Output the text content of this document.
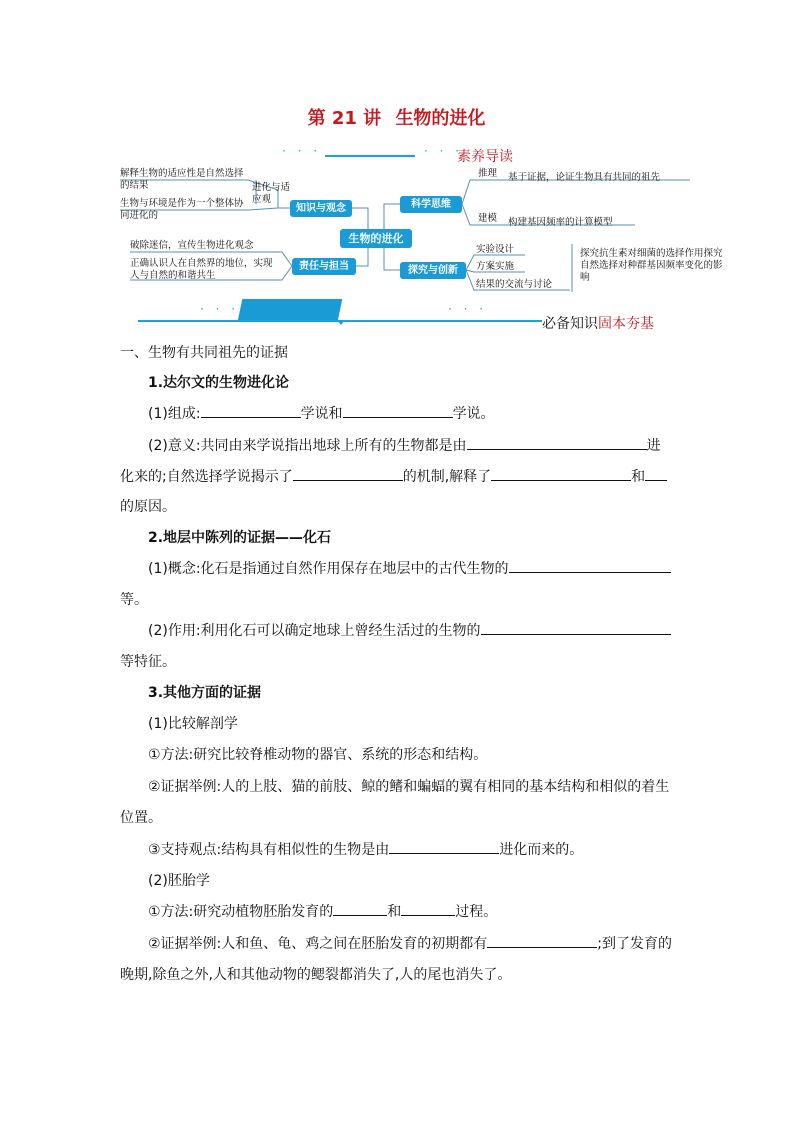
第 21 讲 生物的进化
· · ·	· · ·
素养导读
生物的进化
知识与观念	科学思维
责任与担当	探究与创新
解释生物的适应性是自然选择的结果
生物与环境是作为一个整体协同进化的
进化与适应观
推理 基于证据，论证生物具有共同的祖先
建模 构建基因频率的计算模型
破除迷信，宣传生物进化观念
正确认识人在自然界的地位，实现人与自然的和谐共生
实验设计
方案实施
结果的交流与讨论
探究抗生素对细菌的选择作用探究自然选择对种群基因频率变化的影响
· · ·	· · ·
必备知识固本夯基
一、生物有共同祖先的证据
1.达尔文的生物进化论
(1)组成:	学说和	学说。
(2)意义:共同由来学说指出地球上所有的生物都是由	进
化来的;自然选择学说揭示了	的机制,解释了	和
的原因。
2.地层中陈列的证据——化石
(1)概念:化石是指通过自然作用保存在地层中的古代生物的
等。
(2)作用:利用化石可以确定地球上曾经生活过的生物的
等特征。
3.其他方面的证据
(1)比较解剖学
①方法:研究比较脊椎动物的器官、系统的形态和结构。
②证据举例:人的上肢、猫的前肢、鲸的鳍和蝙蝠的翼有相同的基本结构和相似的着生
位置。
③支持观点:结构具有相似性的生物是由	进化而来的。
(2)胚胎学
①方法:研究动植物胚胎发育的	和	过程。
②证据举例:人和鱼、龟、鸡之间在胚胎发育的初期都有	;到了发育的
晚期,除鱼之外,人和其他动物的鳃裂都消失了,人的尾也消失了。
